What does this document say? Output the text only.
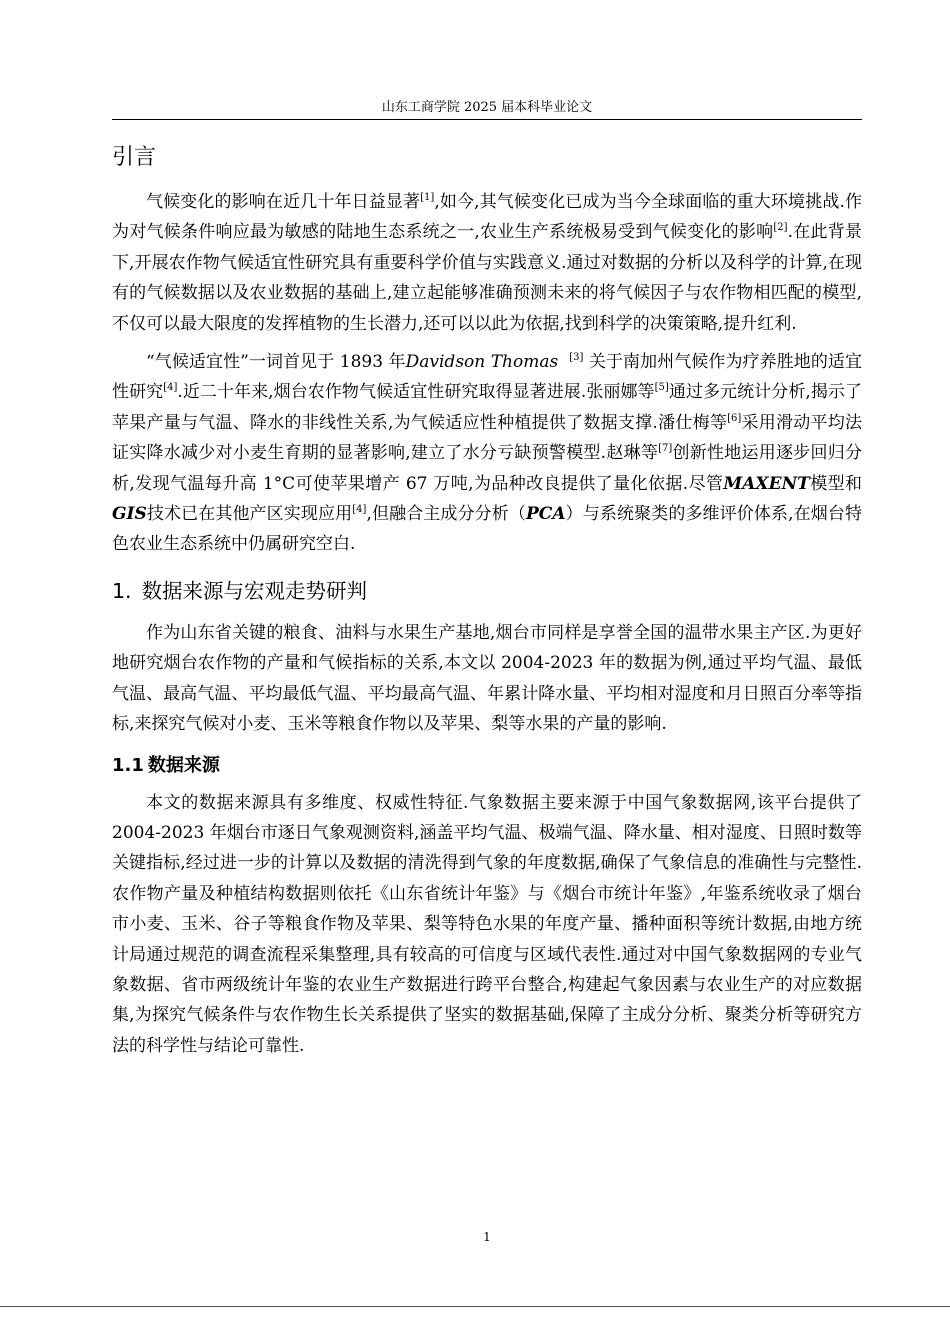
山东工商学院 2025 届本科毕业论文
引言

气候变化的影响在近几十年日益显著[1],如今,其气候变化已成为当今全球面临的重大环境挑战.作为对气候条件响应最为敏感的陆地生态系统之一,农业生产系统极易受到气候变化的影响[2].在此背景下,开展农作物气候适宜性研究具有重要科学价值与实践意义.通过对数据的分析以及科学的计算,在现有的气候数据以及农业数据的基础上,建立起能够准确预测未来的将气候因子与农作物相匹配的模型,不仅可以最大限度的发挥植物的生长潜力,还可以以此为依据,找到科学的决策策略,提升红利.

“气候适宜性”一词首见于 1893 年Davidson Thomas [3] 关于南加州气候作为疗养胜地的适宜性研究[4].近二十年来,烟台农作物气候适宜性研究取得显著进展.张丽娜等[5]通过多元统计分析,揭示了苹果产量与气温、降水的非线性关系,为气候适应性种植提供了数据支撑.潘仕梅等[6]采用滑动平均法证实降水减少对小麦生育期的显著影响,建立了水分亏缺预警模型.赵琳等[7]创新性地运用逐步回归分析,发现气温每升高 1°C可使苹果增产 67 万吨,为品种改良提供了量化依据.尽管MAXENT模型和GIS技术已在其他产区实现应用[4],但融合主成分分析（PCA）与系统聚类的多维评价体系,在烟台特色农业生态系统中仍属研究空白.

1. 数据来源与宏观走势研判

作为山东省关键的粮食、油料与水果生产基地,烟台市同样是享誉全国的温带水果主产区.为更好地研究烟台农作物的产量和气候指标的关系,本文以 2004-2023 年的数据为例,通过平均气温、最低气温、最高气温、平均最低气温、平均最高气温、年累计降水量、平均相对湿度和月日照百分率等指标,来探究气候对小麦、玉米等粮食作物以及苹果、梨等水果的产量的影响.

1.1 数据来源

本文的数据来源具有多维度、权威性特征.气象数据主要来源于中国气象数据网,该平台提供了 2004-2023 年烟台市逐日气象观测资料,涵盖平均气温、极端气温、降水量、相对湿度、日照时数等关键指标,经过进一步的计算以及数据的清洗得到气象的年度数据,确保了气象信息的准确性与完整性.农作物产量及种植结构数据则依托《山东省统计年鉴》与《烟台市统计年鉴》,年鉴系统收录了烟台市小麦、玉米、谷子等粮食作物及苹果、梨等特色水果的年度产量、播种面积等统计数据,由地方统计局通过规范的调查流程采集整理,具有较高的可信度与区域代表性.通过对中国气象数据网的专业气象数据、省市两级统计年鉴的农业生产数据进行跨平台整合,构建起气象因素与农业生产的对应数据集,为探究气候条件与农作物生长关系提供了坚实的数据基础,保障了主成分分析、聚类分析等研究方法的科学性与结论可靠性.

1
